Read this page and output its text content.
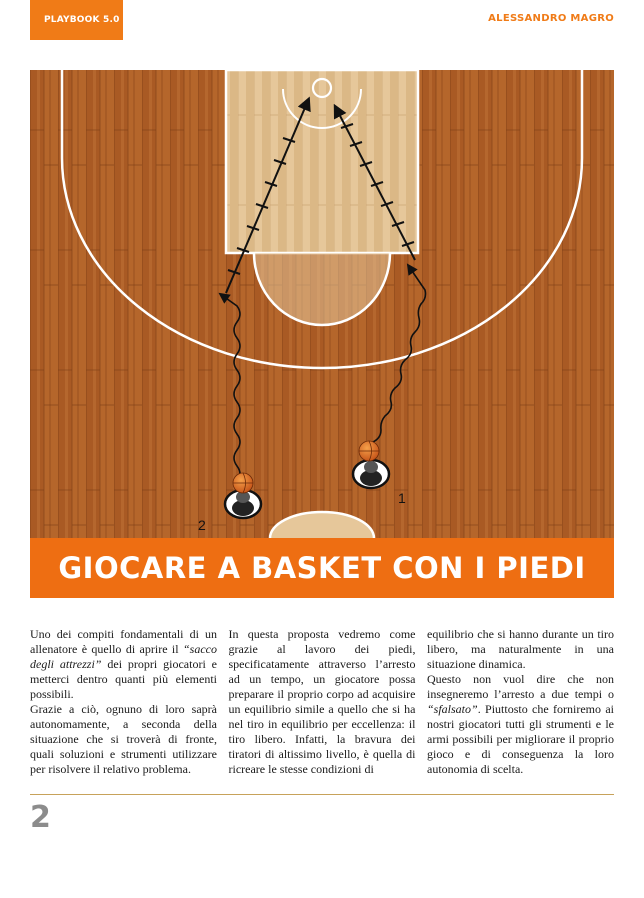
PLAYBOOK 5.0	ALESSANDRO MAGRO
1
2
GIOCARE A BASKET CON I PIEDI

Uno dei compiti fondamentali di un allenatore è quello di aprire il “sacco degli attrezzi” dei propri giocatori e metterci dentro quanti più elementi possibili.

Grazie a ciò, ognuno di loro saprà autonomamente, a seconda della situazione che si troverà di fronte, quali soluzioni e strumenti utilizzare per risolvere il relativo problema.

In questa proposta vedremo come grazie al lavoro dei piedi, specificatamente attraverso l’arresto ad un tempo, un giocatore possa preparare il proprio corpo ad acquisire un equilibrio simile a quello che si ha nel tiro in equilibrio per eccellenza: il tiro libero. Infatti, la bravura dei tiratori di altissimo livello, è quella di ricreare le stesse condizioni di

equilibrio che si hanno durante un tiro libero, ma naturalmente in una situazione dinamica.

Questo non vuol dire che non insegneremo l’arresto a due tempi o “sfalsato”. Piuttosto che forniremo ai nostri giocatori tutti gli strumenti e le armi possibili per migliorare il proprio gioco e di conseguenza la loro autonomia di scelta.

2
